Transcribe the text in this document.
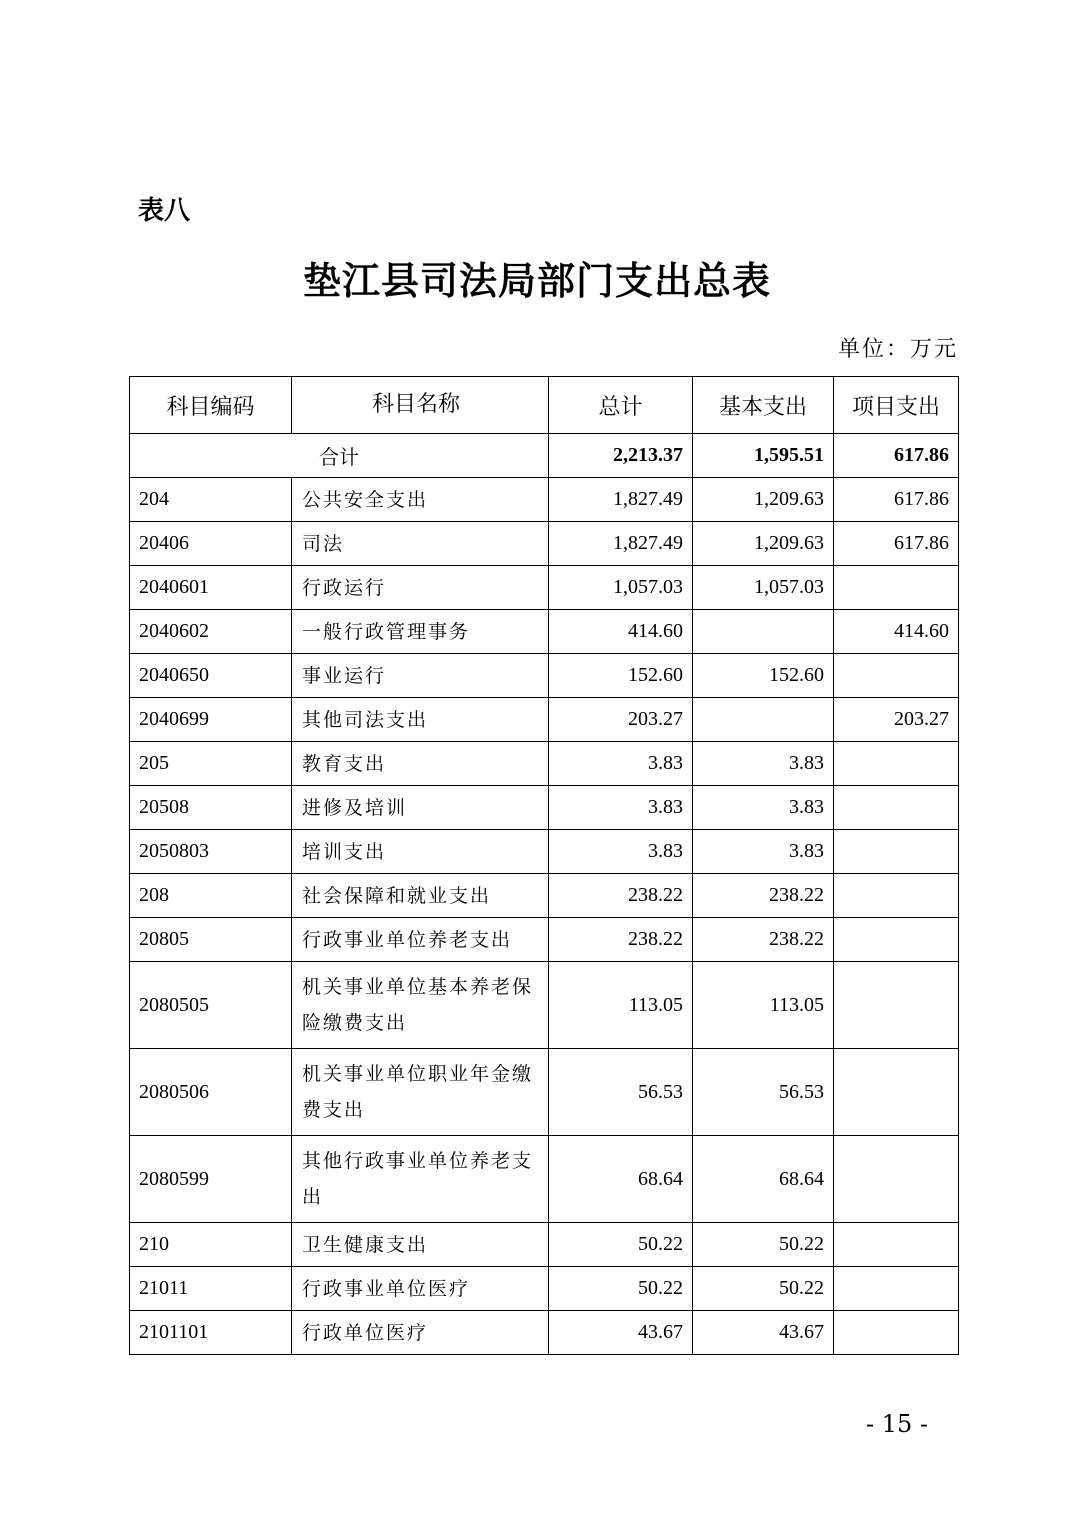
表八
垫江县司法局部门支出总表
单位：万元
科目编码	科目名称	总计	基本支出	项目支出
合计		2,213.37	1,595.51	617.86
204	公共安全支出	1,827.49	1,209.63	617.86
20406	司法	1,827.49	1,209.63	617.86
2040601	行政运行	1,057.03	1,057.03	
2040602	一般行政管理事务	414.60		414.60
2040650	事业运行	152.60	152.60	
2040699	其他司法支出	203.27		203.27
205	教育支出	3.83	3.83	
20508	进修及培训	3.83	3.83	
2050803	培训支出	3.83	3.83	
208	社会保障和就业支出	238.22	238.22	
20805	行政事业单位养老支出	238.22	238.22	
2080505	机关事业单位基本养老保险缴费支出	113.05	113.05	
2080506	机关事业单位职业年金缴费支出	56.53	56.53	
2080599	其他行政事业单位养老支出	68.64	68.64	
210	卫生健康支出	50.22	50.22	
21011	行政事业单位医疗	50.22	50.22	
2101101	行政单位医疗	43.67	43.67	
- 15 -
